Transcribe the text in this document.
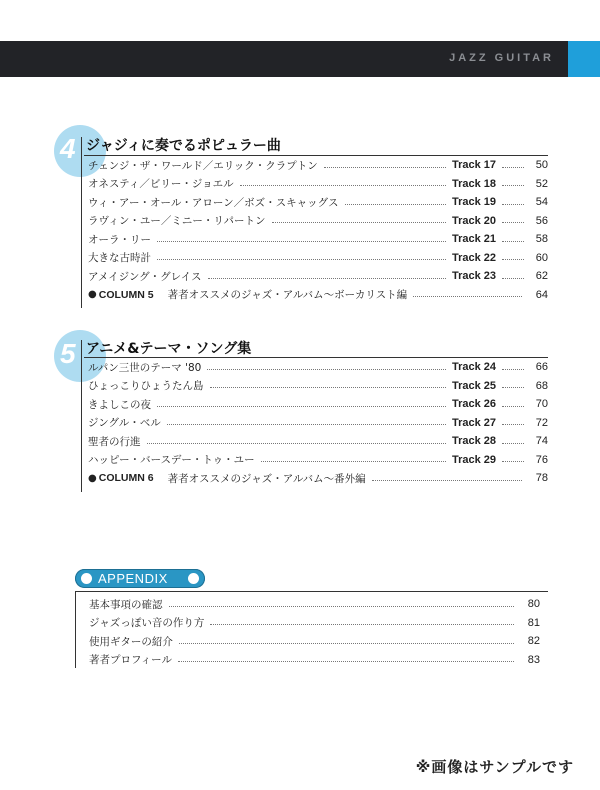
JAZZ GUITAR
4 ジャジィに奏でるポピュラー曲
チェンジ・ザ・ワールド／エリック・クラプトン	Track 17	50
オネスティ／ビリー・ジョエル	Track 18	52
ウィ・アー・オール・アローン／ボズ・スキャッグス	Track 19	54
ラヴィン・ユー／ミニー・リパートン	Track 20	56
オーラ・リー	Track 21	58
大きな古時計	Track 22	60
アメイジング・グレイス	Track 23	62
● COLUMN 5 著者オススメのジャズ・アルバム～ボーカリスト編	64
5 アニメ&テーマ・ソング集
ルパン三世のテーマ '80	Track 24	66
ひょっこりひょうたん島	Track 25	68
きよしこの夜	Track 26	70
ジングル・ベル	Track 27	72
聖者の行進	Track 28	74
ハッピー・バースデー・トゥ・ユー	Track 29	76
● COLUMN 6 著者オススメのジャズ・アルバム～番外編	78
APPENDIX
基本事項の確認	80
ジャズっぽい音の作り方	81
使用ギターの紹介	82
著者プロフィール	83
※画像はサンプルです
